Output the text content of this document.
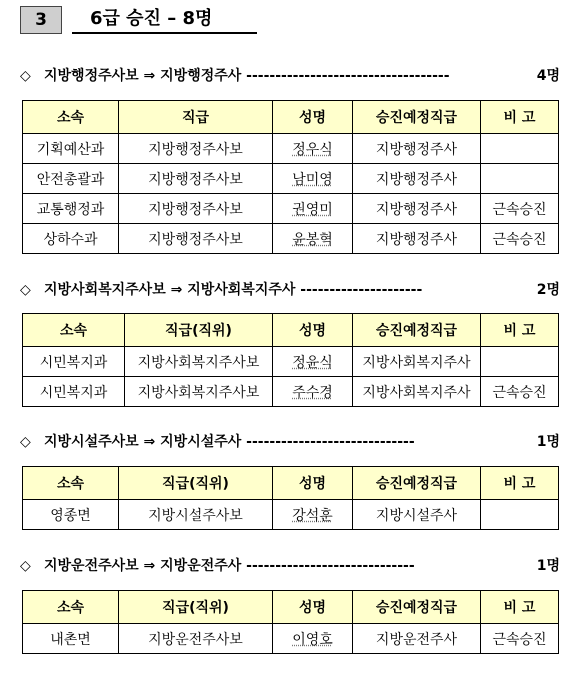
3	6급 승진 – 8명
◇ 지방행정주사보 ⇒ 지방행정주사 -----------------------------------	4명
소속	직급	성명	승진예정직급	비 고
기획예산과	지방행정주사보	정우식	지방행정주사	
안전총괄과	지방행정주사보	남미영	지방행정주사	
교통행정과	지방행정주사보	권영미	지방행정주사	근속승진
상하수과	지방행정주사보	윤봉혁	지방행정주사	근속승진
◇ 지방사회복지주사보 ⇒ 지방사회복지주사 ---------------------	2명
소속	직급(직위)	성명	승진예정직급	비 고
시민복지과	지방사회복지주사보	정윤식	지방사회복지주사	
시민복지과	지방사회복지주사보	주수경	지방사회복지주사	근속승진
◇ 지방시설주사보 ⇒ 지방시설주사 -----------------------------	1명
소속	직급(직위)	성명	승진예정직급	비 고
영종면	지방시설주사보	강석훈	지방시설주사	
◇ 지방운전주사보 ⇒ 지방운전주사 -----------------------------	1명
소속	직급(직위)	성명	승진예정직급	비 고
내촌면	지방운전주사보	이영호	지방운전주사	근속승진
